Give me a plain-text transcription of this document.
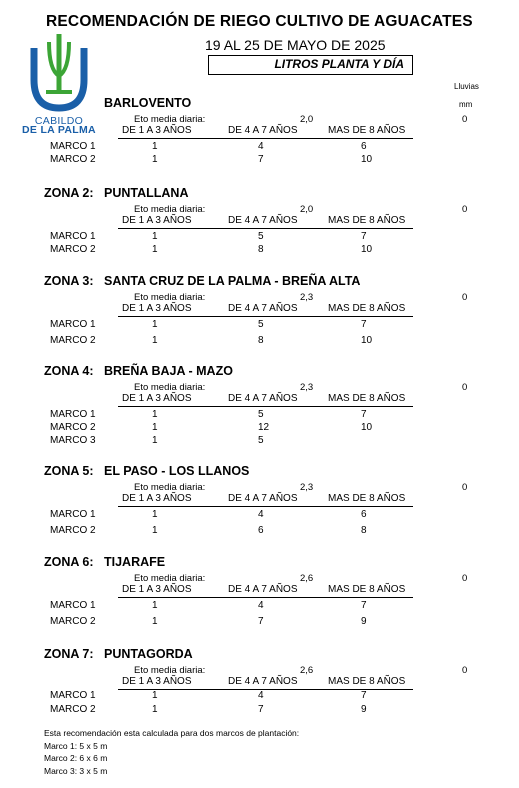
RECOMENDACIÓN DE RIEGO CULTIVO DE AGUACATES
19 AL 25 DE MAYO DE 2025
LITROS PLANTA Y DÍA
Lluvias
mm
CABILDO
DE LA PALMA
BARLOVENTO
Eto media diaria:	2,0	0
DE 1 A 3 AÑOS	DE 4 A 7 AÑOS	MAS DE 8 AÑOS
MARCO 1	1	4	6
MARCO 2	1	7	10
ZONA 2: PUNTALLANA
Eto media diaria:	2,0	0
DE 1 A 3 AÑOS	DE 4 A 7 AÑOS	MAS DE 8 AÑOS
MARCO 1	1	5	7
MARCO 2	1	8	10
ZONA 3: SANTA CRUZ DE LA PALMA - BREÑA ALTA
Eto media diaria:	2,3	0
DE 1 A 3 AÑOS	DE 4 A 7 AÑOS	MAS DE 8 AÑOS
MARCO 1	1	5	7
MARCO 2	1	8	10
ZONA 4: BREÑA BAJA - MAZO
Eto media diaria:	2,3	0
DE 1 A 3 AÑOS	DE 4 A 7 AÑOS	MAS DE 8 AÑOS
MARCO 1	1	5	7
MARCO 2	1	12	10
MARCO 3	1	5
ZONA 5: EL PASO - LOS LLANOS
Eto media diaria:	2,3	0
DE 1 A 3 AÑOS	DE 4 A 7 AÑOS	MAS DE 8 AÑOS
MARCO 1	1	4	6
MARCO 2	1	6	8
ZONA 6: TIJARAFE
Eto media diaria:	2,6	0
DE 1 A 3 AÑOS	DE 4 A 7 AÑOS	MAS DE 8 AÑOS
MARCO 1	1	4	7
MARCO 2	1	7	9
ZONA 7: PUNTAGORDA
Eto media diaria:	2,6	0
DE 1 A 3 AÑOS	DE 4 A 7 AÑOS	MAS DE 8 AÑOS
MARCO 1	1	4	7
MARCO 2	1	7	9
Esta recomendación esta calculada para dos marcos de plantación:
Marco 1: 5 x 5 m
Marco 2: 6 x 6 m
Marco 3: 3 x 5 m
